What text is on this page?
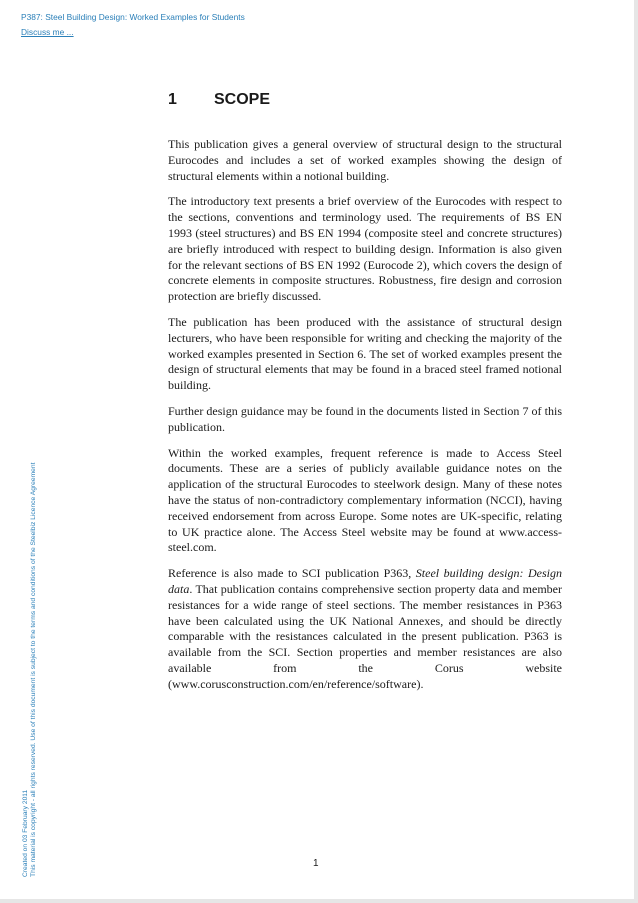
P387: Steel Building Design: Worked Examples for Students
Discuss me ...
Created on 03 February 2011 This material is copyright - all rights reserved. Use of this document is subject to the terms and conditions of the Steelbiz Licence Agreement
1 SCOPE

This publication gives a general overview of structural design to the structural Eurocodes and includes a set of worked examples showing the design of structural elements within a notional building.

The introductory text presents a brief overview of the Eurocodes with respect to the sections, conventions and terminology used. The requirements of BS EN 1993 (steel structures) and BS EN 1994 (composite steel and concrete structures) are briefly introduced with respect to building design. Information is also given for the relevant sections of BS EN 1992 (Eurocode 2), which covers the design of concrete elements in composite structures. Robustness, fire design and corrosion protection are briefly discussed.

The publication has been produced with the assistance of structural design lecturers, who have been responsible for writing and checking the majority of the worked examples presented in Section 6. The set of worked examples present the design of structural elements that may be found in a braced steel framed notional building.

Further design guidance may be found in the documents listed in Section 7 of this publication.

Within the worked examples, frequent reference is made to Access Steel documents. These are a series of publicly available guidance notes on the application of the structural Eurocodes to steelwork design. Many of these notes have the status of non-contradictory complementary information (NCCI), having received endorsement from across Europe. Some notes are UK-specific, relating to UK practice alone. The Access Steel website may be found at www.access-steel.com.

Reference is also made to SCI publication P363, Steel building design: Design data. That publication contains comprehensive section property data and member resistances for a wide range of steel sections. The member resistances in P363 have been calculated using the UK National Annexes, and should be directly comparable with the resistances calculated in the present publication. P363 is available from the SCI. Section properties and member resistances are also available from the Corus website (www.corusconstruction.com/en/reference/software).

1
